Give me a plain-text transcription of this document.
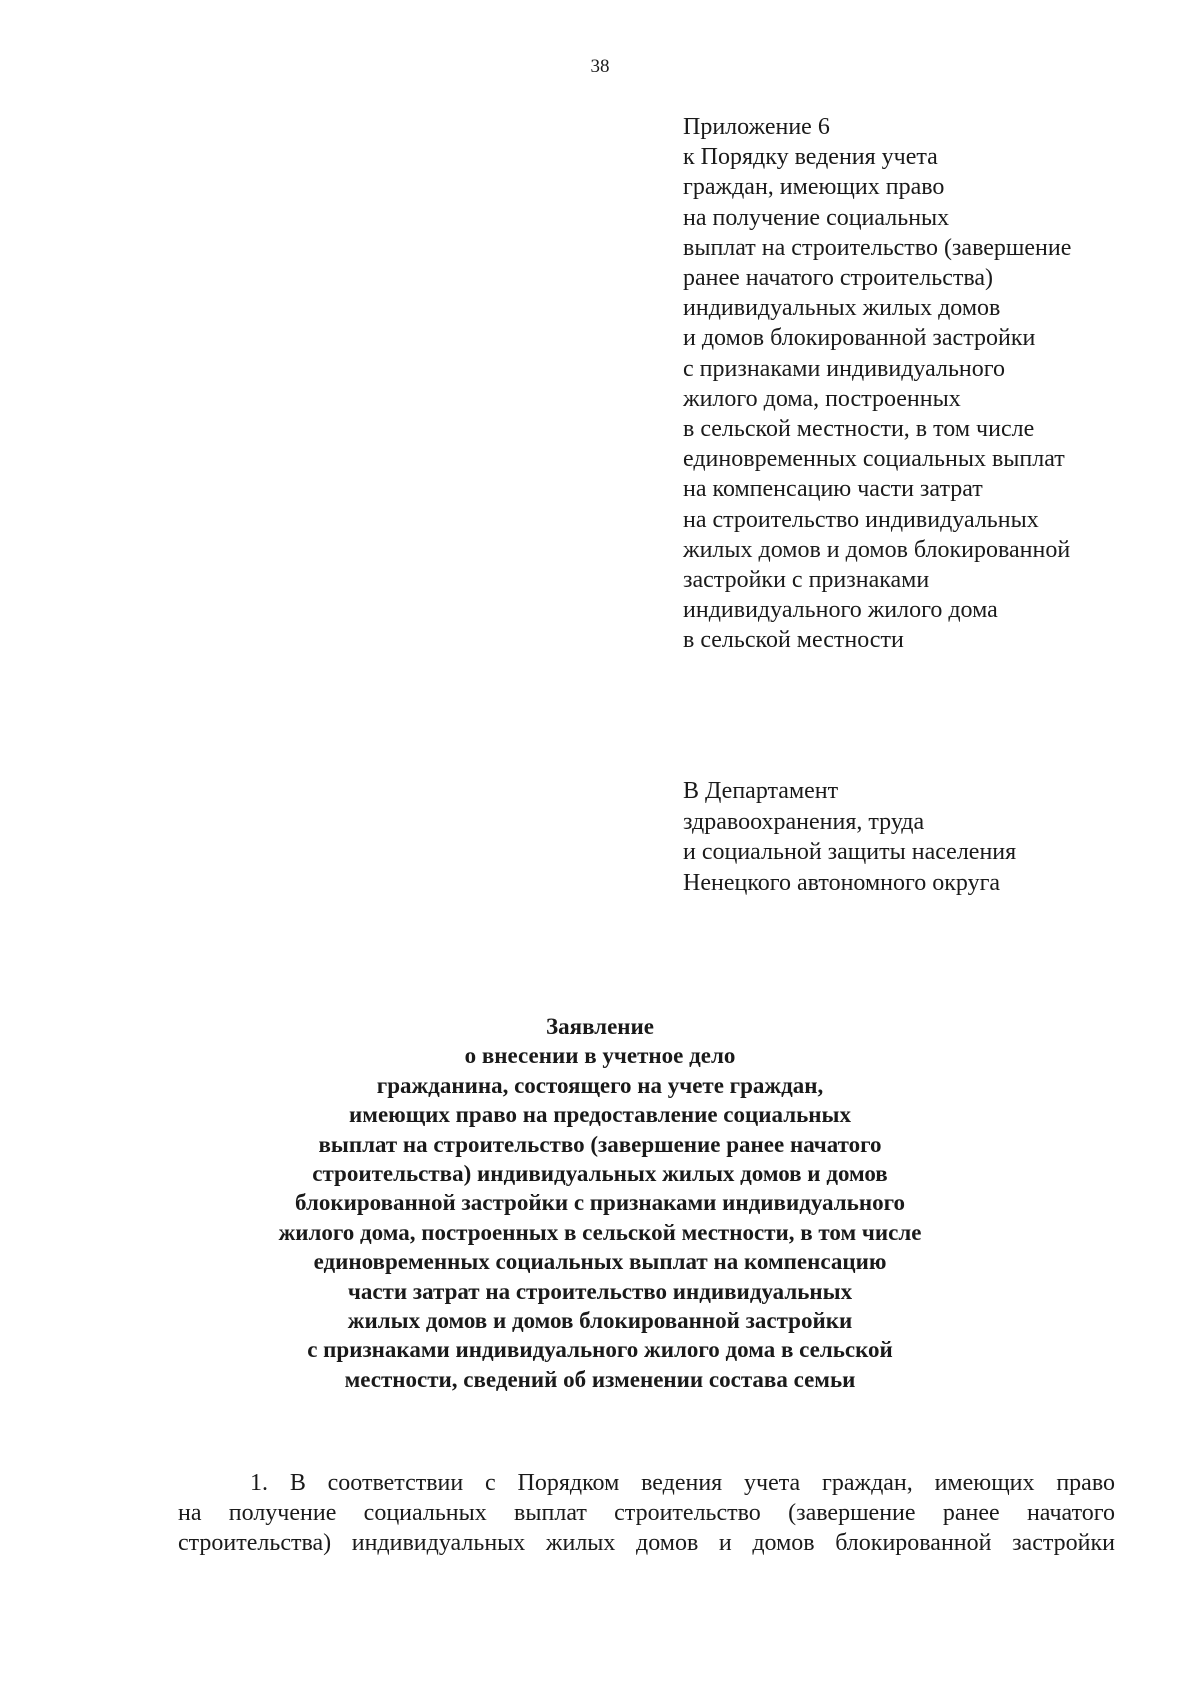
38
Приложение 6
к Порядку ведения учета
граждан, имеющих право
на получение социальных
выплат на строительство (завершение
ранее начатого строительства)
индивидуальных жилых домов
и домов блокированной застройки
с признаками индивидуального
жилого дома, построенных
в сельской местности, в том числе
единовременных социальных выплат
на компенсацию части затрат
на строительство индивидуальных
жилых домов и домов блокированной
застройки с признаками
индивидуального жилого дома
в сельской местности
В Департамент
здравоохранения, труда
и социальной защиты населения
Ненецкого автономного округа
Заявление
о внесении в учетное дело
гражданина, состоящего на учете граждан,
имеющих право на предоставление социальных
выплат на строительство (завершение ранее начатого
строительства) индивидуальных жилых домов и домов
блокированной застройки с признаками индивидуального
жилого дома, построенных в сельской местности, в том числе
единовременных социальных выплат на компенсацию
части затрат на строительство индивидуальных
жилых домов и домов блокированной застройки
с признаками индивидуального жилого дома в сельской
местности, сведений об изменении состава семьи
1. В соответствии с Порядком ведения учета граждан, имеющих право
на получение социальных выплат строительство (завершение ранее начатого
строительства) индивидуальных жилых домов и домов блокированной застройки
